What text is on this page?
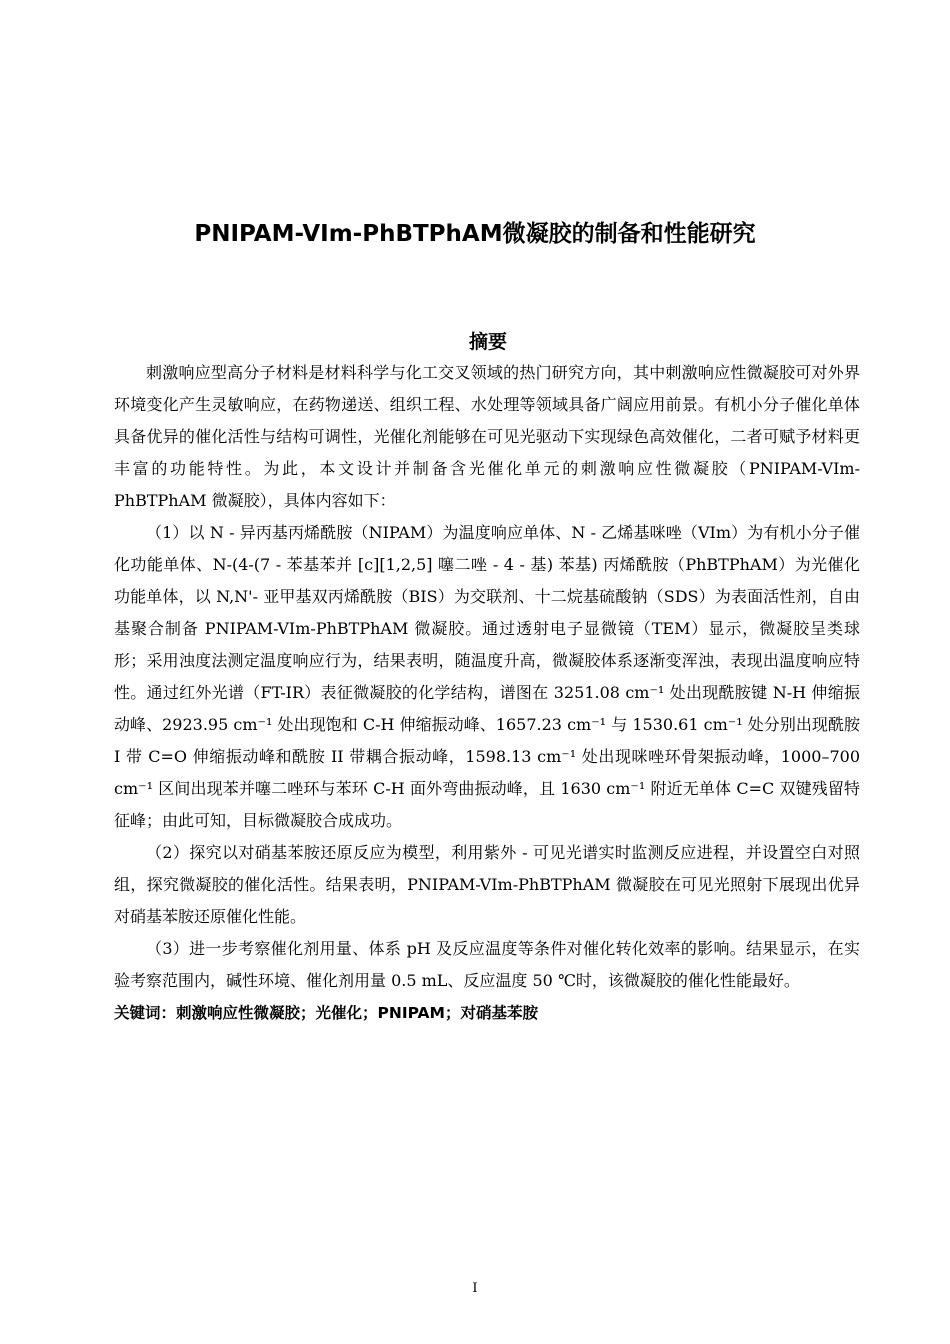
PNIPAM-VIm-PhBTPhAM微凝胶的制备和性能研究
摘要

刺激响应型高分子材料是材料科学与化工交叉领域的热门研究方向，其中刺激响应性微凝胶可对外界环境变化产生灵敏响应，在药物递送、组织工程、水处理等领域具备广阔应用前景。有机小分子催化单体具备优异的催化活性与结构可调性，光催化剂能够在可见光驱动下实现绿色高效催化，二者可赋予材料更丰富的功能特性。为此，本文设计并制备含光催化单元的刺激响应性微凝胶（PNIPAM-VIm-PhBTPhAM 微凝胶），具体内容如下：

（1）以 N - 异丙基丙烯酰胺（NIPAM）为温度响应单体、N - 乙烯基咪唑（VIm）为有机小分子催化功能单体、N-(4-(7 - 苯基苯并 [c][1,2,5] 噻二唑 - 4 - 基) 苯基) 丙烯酰胺（PhBTPhAM）为光催化功能单体，以 N,N'- 亚甲基双丙烯酰胺（BIS）为交联剂、十二烷基硫酸钠（SDS）为表面活性剂，自由基聚合制备 PNIPAM-VIm-PhBTPhAM 微凝胶。通过透射电子显微镜（TEM）显示，微凝胶呈类球形；采用浊度法测定温度响应行为，结果表明，随温度升高，微凝胶体系逐渐变浑浊，表现出温度响应特性。通过红外光谱（FT-IR）表征微凝胶的化学结构，谱图在 3251.08 cm⁻¹ 处出现酰胺键 N-H 伸缩振动峰、2923.95 cm⁻¹ 处出现饱和 C-H 伸缩振动峰、1657.23 cm⁻¹ 与 1530.61 cm⁻¹ 处分别出现酰胺 I 带 C=O 伸缩振动峰和酰胺 II 带耦合振动峰，1598.13 cm⁻¹ 处出现咪唑环骨架振动峰，1000–700 cm⁻¹ 区间出现苯并噻二唑环与苯环 C-H 面外弯曲振动峰，且 1630 cm⁻¹ 附近无单体 C=C 双键残留特征峰；由此可知，目标微凝胶合成成功。

（2）探究以对硝基苯胺还原反应为模型，利用紫外 - 可见光谱实时监测反应进程，并设置空白对照组，探究微凝胶的催化活性。结果表明，PNIPAM-VIm-PhBTPhAM 微凝胶在可见光照射下展现出优异对硝基苯胺还原催化性能。

（3）进一步考察催化剂用量、体系 pH 及反应温度等条件对催化转化效率的影响。结果显示，在实验考察范围内，碱性环境、催化剂用量 0.5 mL、反应温度 50 ℃时，该微凝胶的催化性能最好。

关键词：刺激响应性微凝胶；光催化；PNIPAM；对硝基苯胺

I
